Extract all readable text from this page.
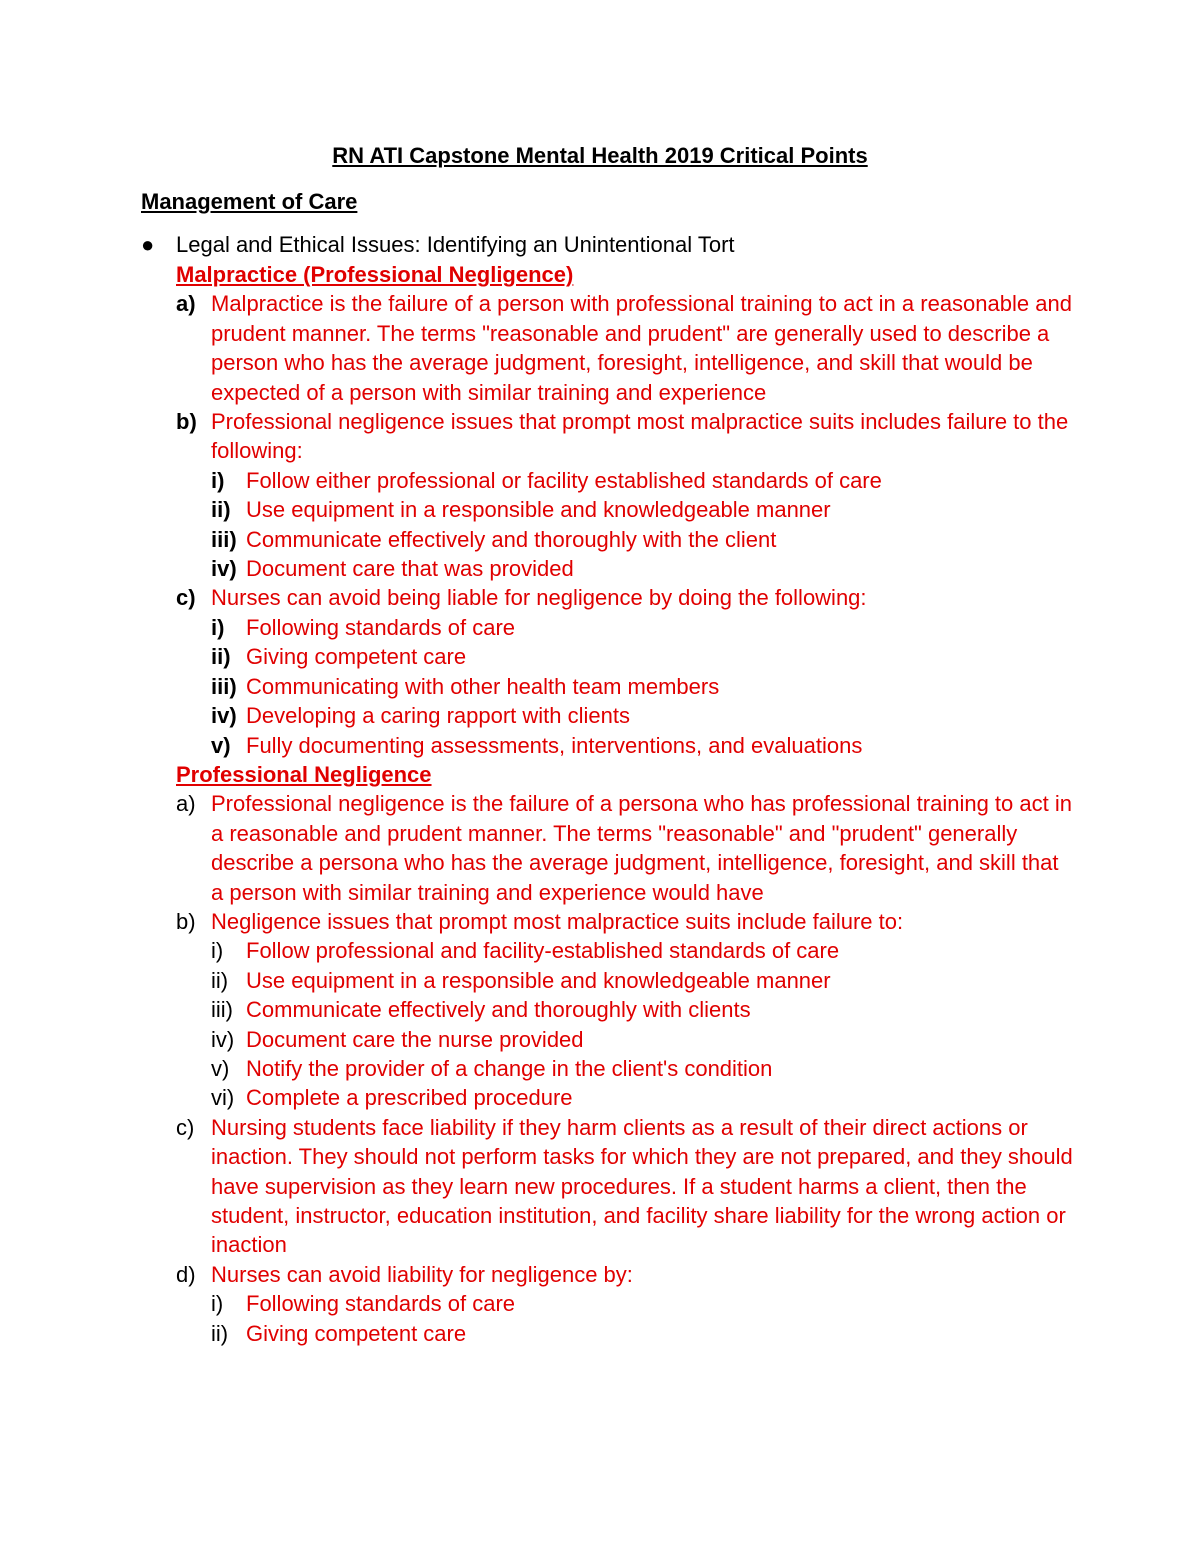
RN ATI Capstone Mental Health 2019 Critical Points
Management of Care
● Legal and Ethical Issues: Identifying an Unintentional Tort
Malpractice (Professional Negligence)
a) Malpractice is the failure of a person with professional training to act in a reasonable and prudent manner. The terms "reasonable and prudent" are generally used to describe a person who has the average judgment, foresight, intelligence, and skill that would be expected of a person with similar training and experience
b) Professional negligence issues that prompt most malpractice suits includes failure to the following:
i) Follow either professional or facility established standards of care
ii) Use equipment in a responsible and knowledgeable manner
iii) Communicate effectively and thoroughly with the client
iv) Document care that was provided
c) Nurses can avoid being liable for negligence by doing the following:
i) Following standards of care
ii) Giving competent care
iii) Communicating with other health team members
iv) Developing a caring rapport with clients
v) Fully documenting assessments, interventions, and evaluations
Professional Negligence
a) Professional negligence is the failure of a persona who has professional training to act in a reasonable and prudent manner. The terms "reasonable" and "prudent" generally describe a persona who has the average judgment, intelligence, foresight, and skill that a person with similar training and experience would have
b) Negligence issues that prompt most malpractice suits include failure to:
i)	Follow professional and facility-established standards of care
ii) Use equipment in a responsible and knowledgeable manner
iii) Communicate effectively and thoroughly with clients
iv) Document care the nurse provided
v) Notify the provider of a change in the client's condition
vi) Complete a prescribed procedure
c) Nursing students face liability if they harm clients as a result of their direct actions or inaction. They should not perform tasks for which they are not prepared, and they should have supervision as they learn new procedures. If a student harms a client, then the student, instructor, education institution, and facility share liability for the wrong action or inaction
d) Nurses can avoid liability for negligence by:
i)	Following standards of care
ii) Giving competent care
